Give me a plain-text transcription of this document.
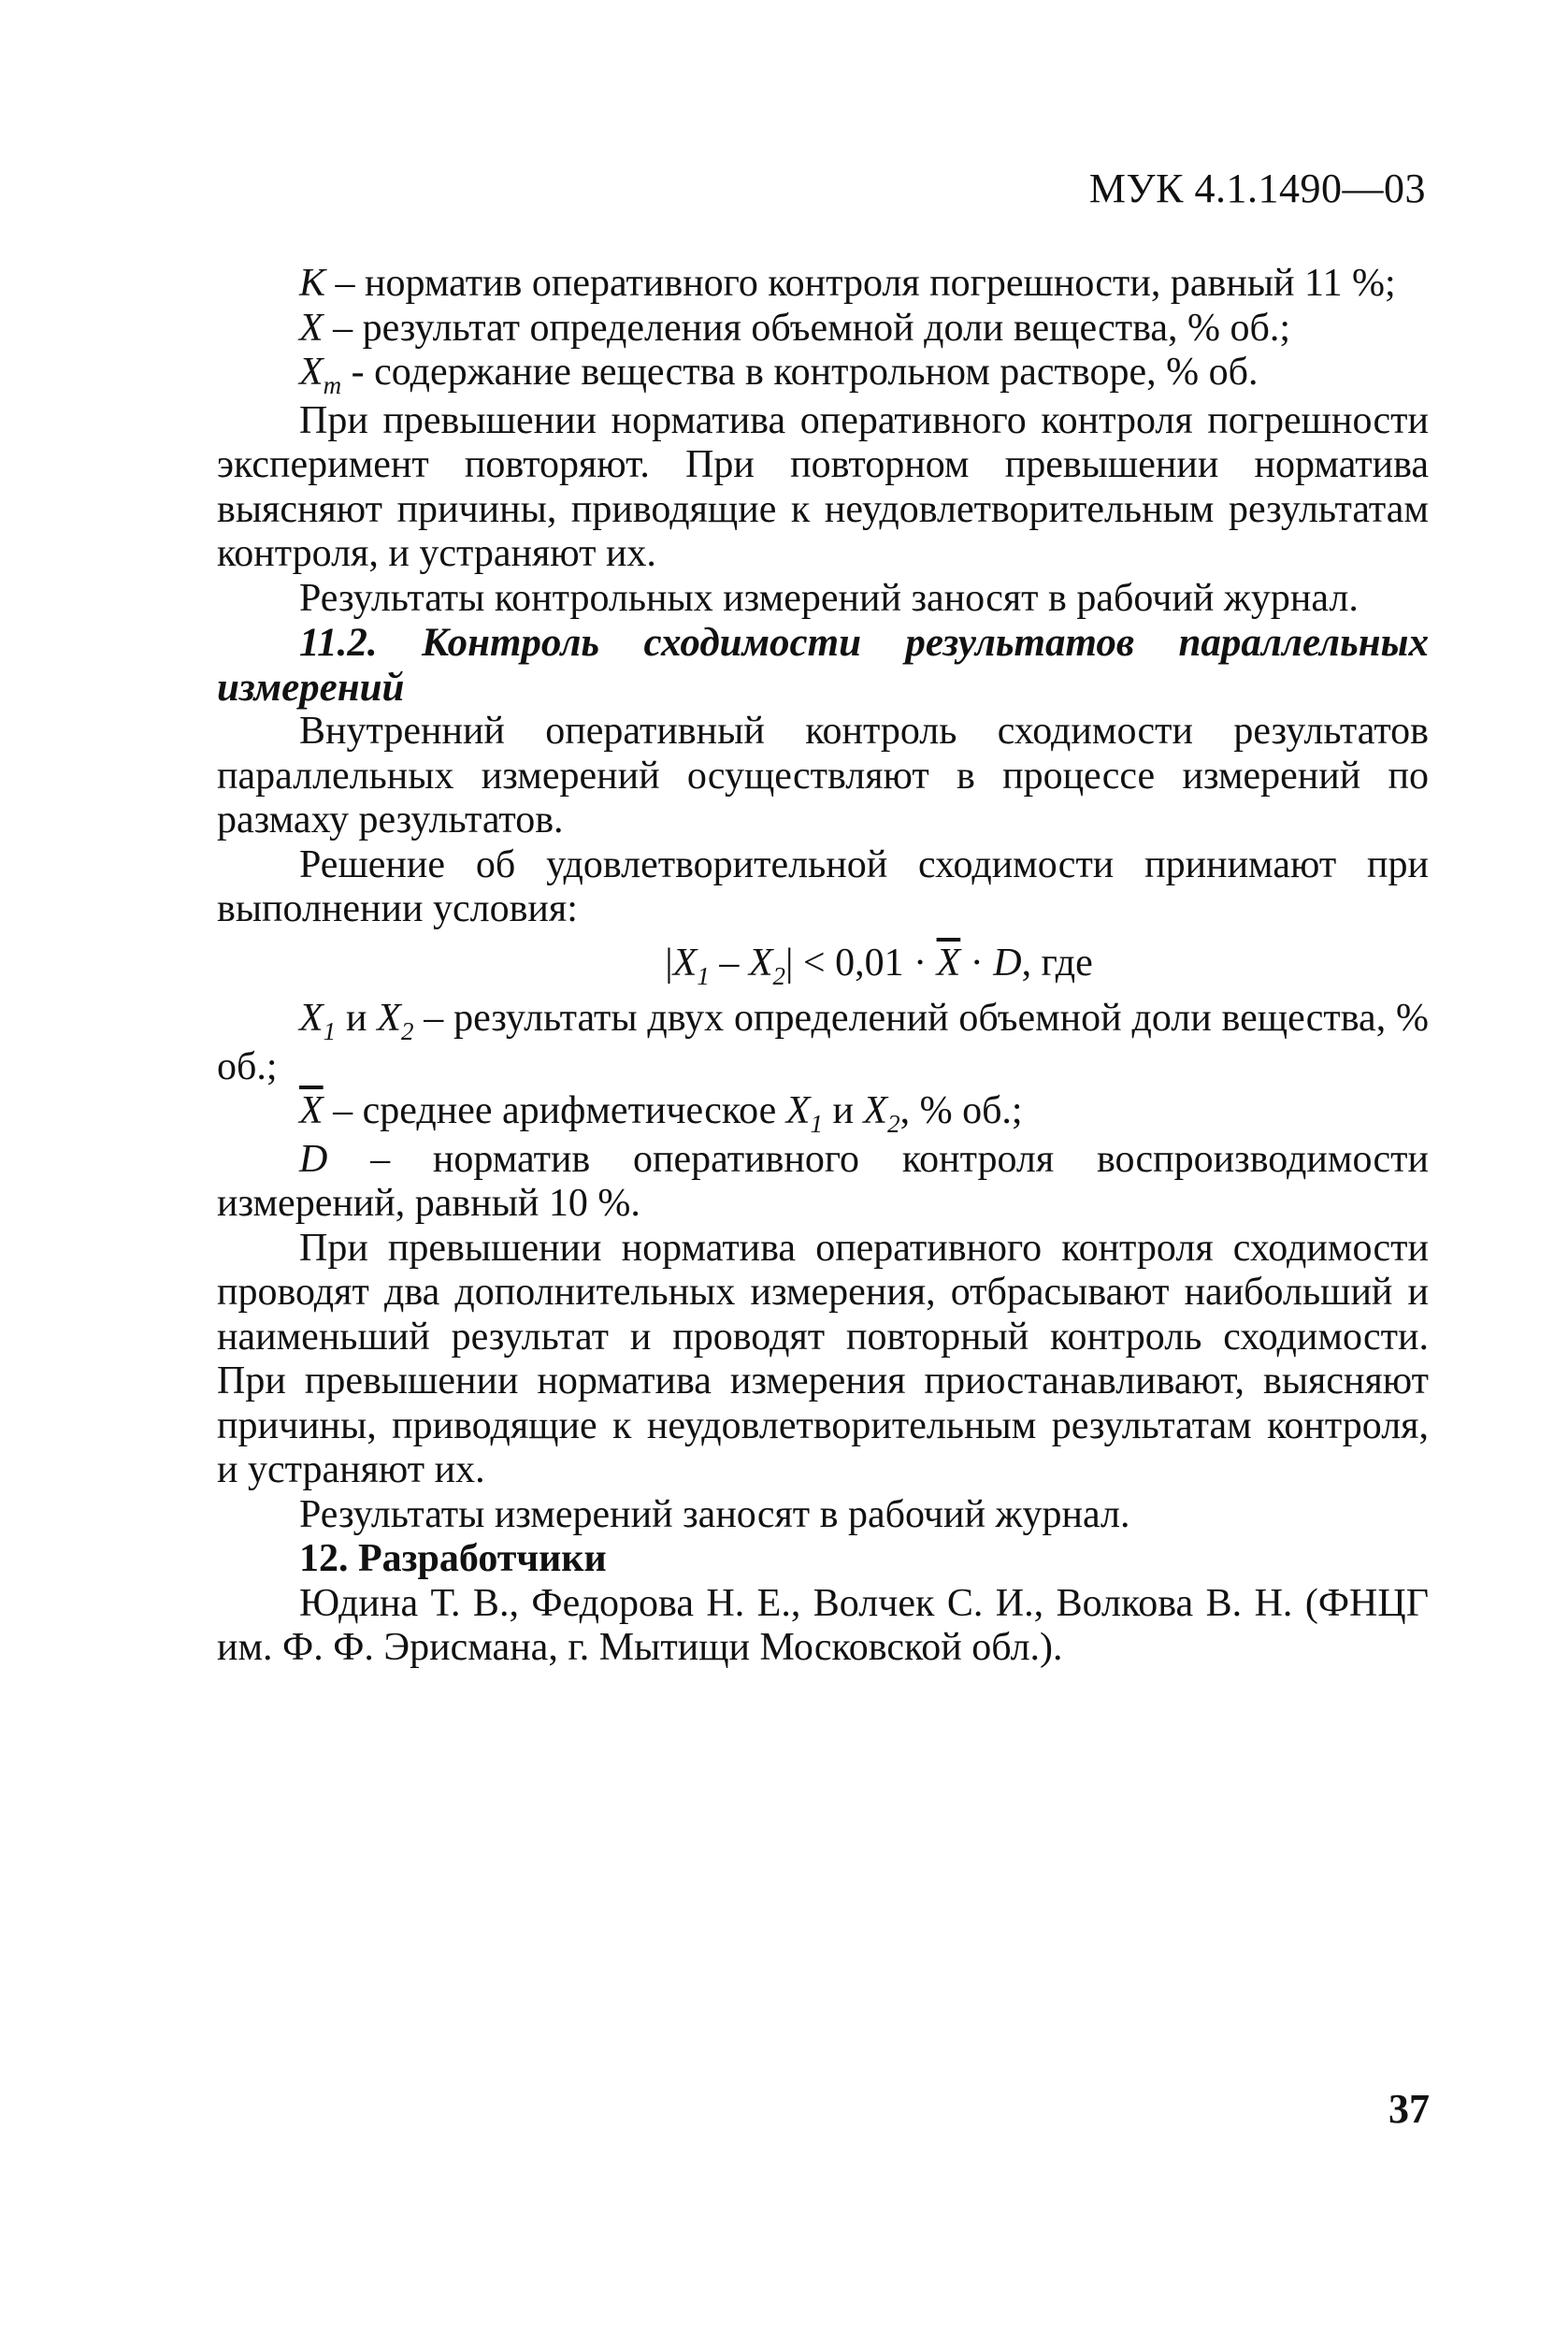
МУК 4.1.1490—03
K – норматив оперативного контроля погрешности, равный 11 %;
X – результат определения объемной доли вещества, % об.;
$X_m$ - содержание вещества в контрольном растворе, % об.

При превышении норматива оперативного контроля погрешности эксперимент повторяют. При повторном превышении норматива выясняют причины, приводящие к неудовлетворительным результатам контроля, и устраняют их.

Результаты контрольных измерений заносят в рабочий журнал.

11.2. Контроль сходимости результатов параллельных измерений

Внутренний оперативный контроль сходимости результатов параллельных измерений осуществляют в процессе измерений по размаху результатов.

Решение об удовлетворительной сходимости принимают при выполнении условия:

$|X_1 - X_2| < 0,01 \cdot \overline{X} \cdot D$, где
$X_1$ и $X_2$ – результаты двух определений объемной доли вещества, % об.;
$\overline{X}$ – среднее арифметическое $X_1$ и $X_2$, % об.;
D – норматив оперативного контроля воспроизводимости измерений, равный 10 %.

При превышении норматива оперативного контроля сходимости проводят два дополнительных измерения, отбрасывают наибольший и наименьший результат и проводят повторный контроль сходимости. При превышении норматива измерения приостанавливают, выясняют причины, приводящие к неудовлетворительным результатам контроля, и устраняют их.

Результаты измерений заносят в рабочий журнал.

12. Разработчики

Юдина Т. В., Федорова Н. Е., Волчек С. И., Волкова В. Н. (ФНЦГ им. Ф. Ф. Эрисмана, г. Мытищи Московской обл.).

37
